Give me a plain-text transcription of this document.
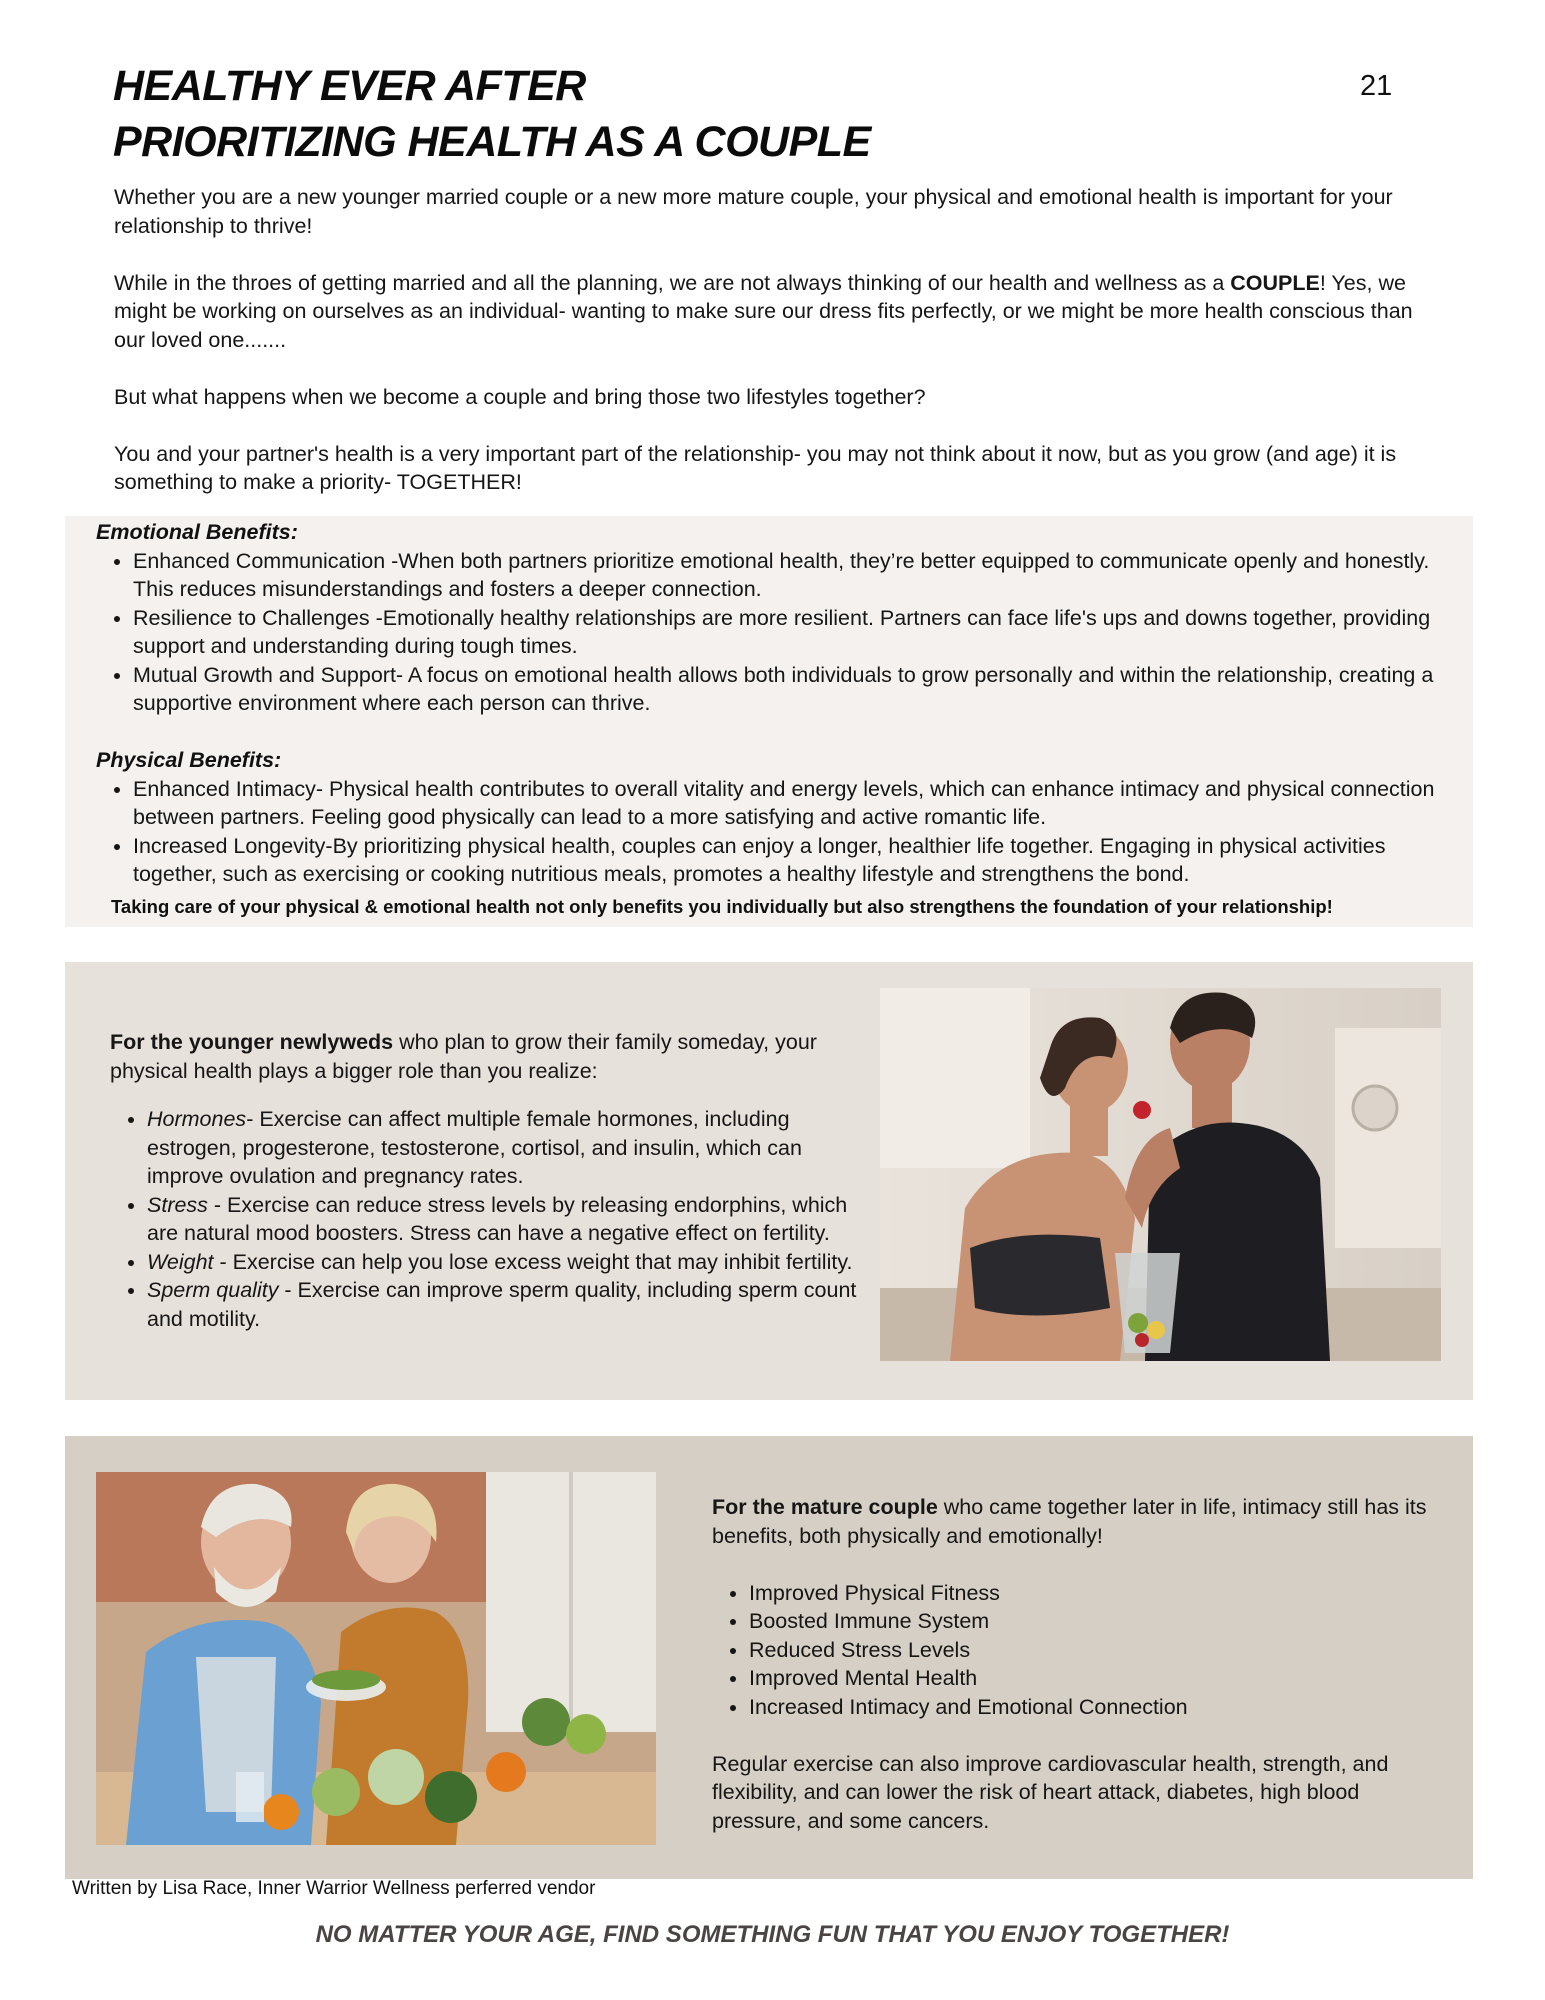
HEALTHY EVER AFTER
PRIORITIZING HEALTH AS A COUPLE
21

Whether you are a new younger married couple or a new more mature couple, your physical and emotional health is important for your relationship to thrive!

While in the throes of getting married and all the planning, we are not always thinking of our health and wellness as a COUPLE! Yes, we might be working on ourselves as an individual- wanting to make sure our dress fits perfectly, or we might be more health conscious than our loved one.......

But what happens when we become a couple and bring those two lifestyles together?

You and your partner's health is a very important part of the relationship- you may not think about it now, but as you grow (and age) it is something to make a priority- TOGETHER!

Emotional Benefits:

• Enhanced Communication -When both partners prioritize emotional health, they’re better equipped to communicate openly and honestly. This reduces misunderstandings and fosters a deeper connection.
• Resilience to Challenges -Emotionally healthy relationships are more resilient. Partners can face life's ups and downs together, providing support and understanding during tough times.
• Mutual Growth and Support- A focus on emotional health allows both individuals to grow personally and within the relationship, creating a supportive environment where each person can thrive.

Physical Benefits:

• Enhanced Intimacy- Physical health contributes to overall vitality and energy levels, which can enhance intimacy and physical connection between partners. Feeling good physically can lead to a more satisfying and active romantic life.
• Increased Longevity-By prioritizing physical health, couples can enjoy a longer, healthier life together. Engaging in physical activities together, such as exercising or cooking nutritious meals, promotes a healthy lifestyle and strengthens the bond.
Taking care of your physical & emotional health not only benefits you individually but also strengthens the foundation of your relationship!

For the younger newlyweds who plan to grow their family someday, your physical health plays a bigger role than you realize:

• Hormones- Exercise can affect multiple female hormones, including estrogen, progesterone, testosterone, cortisol, and insulin, which can improve ovulation and pregnancy rates.
• Stress - Exercise can reduce stress levels by releasing endorphins, which are natural mood boosters. Stress can have a negative effect on fertility.
• Weight - Exercise can help you lose excess weight that may inhibit fertility.
• Sperm quality - Exercise can improve sperm quality, including sperm count and motility.

For the mature couple who came together later in life, intimacy still has its benefits, both physically and emotionally!

• Improved Physical Fitness
• Boosted Immune System
• Reduced Stress Levels
• Improved Mental Health
• Increased Intimacy and Emotional Connection

Regular exercise can also improve cardiovascular health, strength, and flexibility, and can lower the risk of heart attack, diabetes, high blood pressure, and some cancers.

Written by Lisa Race, Inner Warrior Wellness perferred vendor
NO MATTER YOUR AGE, FIND SOMETHING FUN THAT YOU ENJOY TOGETHER!
